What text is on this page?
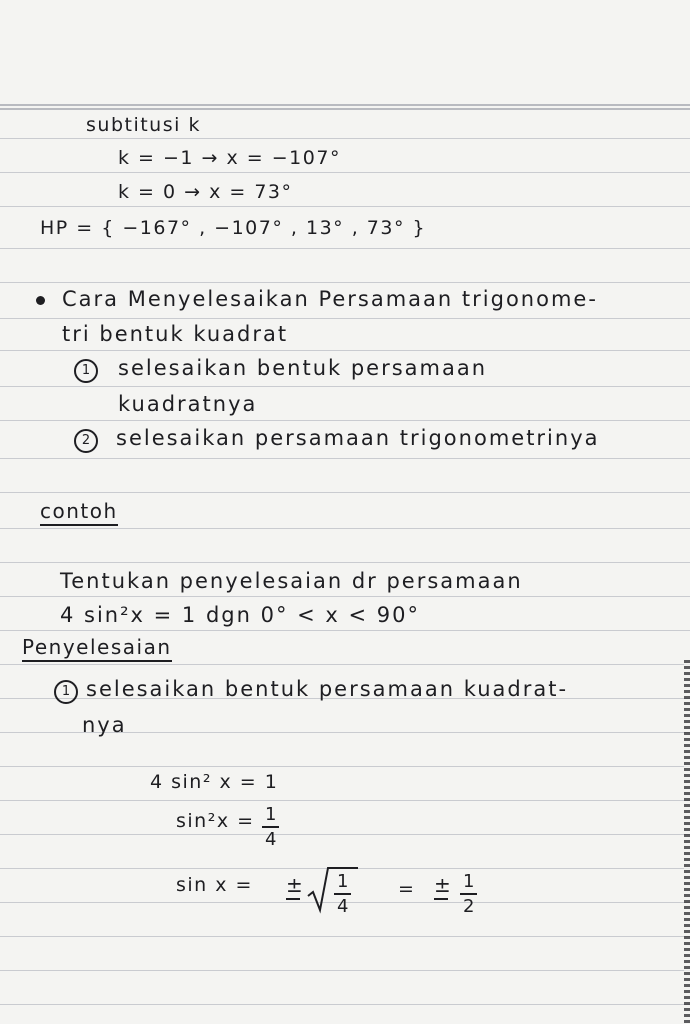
subtitusi k
k = −1 → x = −107°
k = 0 → x = 73°
HP = { −167° , −107° , 13° , 73° }
Cara Menyelesaikan Persamaan trigonome-
tri bentuk kuadrat
1	selesaikan bentuk persamaan
kuadratnya
2	selesaikan persamaan trigonometrinya
contoh
Tentukan penyelesaian dr persamaan
4 sin²x = 1 dgn 0° < x < 90°
Penyelesaian
1 selesaikan bentuk persamaan kuadrat-
nya
4 sin² x = 1
$\sin^2x = \frac{1}{4}$
sin x = ± $\frac{1}{4}$ = ± $\frac{1}{2}$
